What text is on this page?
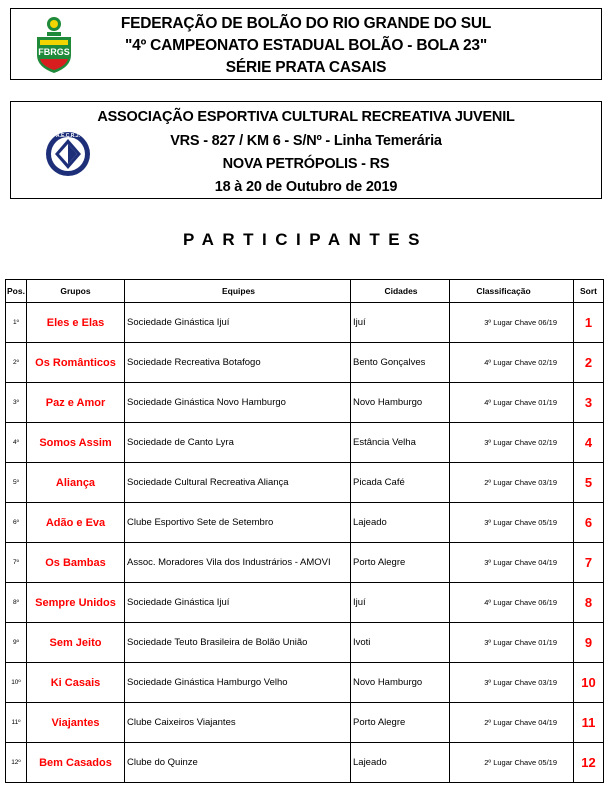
FBRGS
FEDERAÇÃO DE BOLÃO DO RIO GRANDE DO SUL
"4º CAMPEONATO ESTADUAL BOLÃO - BOLA 23"
SÉRIE PRATA CASAIS
A.E.C.R.J.
ASSOCIAÇÃO ESPORTIVA CULTURAL RECREATIVA JUVENIL
VRS - 827 / KM 6 - S/Nº - Linha Temerária
NOVA PETRÓPOLIS - RS
18 à 20 de Outubro de 2019
PARTICIPANTES
Pos.	Grupos	Equipes	Cidades	Classificação	Sort
1º	Eles e Elas	Sociedade Ginástica Ijuí	Ijuí	3º Lugar Chave 06/19	1
2º	Os Românticos	Sociedade Recreativa Botafogo	Bento Gonçalves	4º Lugar Chave 02/19	2
3º	Paz e Amor	Sociedade Ginástica Novo Hamburgo	Novo Hamburgo	4º Lugar Chave 01/19	3
4º	Somos Assim	Sociedade de Canto Lyra	Estância Velha	3º Lugar Chave 02/19	4
5º	Aliança	Sociedade Cultural Recreativa Aliança	Picada Café	2º Lugar Chave 03/19	5
6º	Adão e Eva	Clube Esportivo Sete de Setembro	Lajeado	3º Lugar Chave 05/19	6
7º	Os Bambas	Assoc. Moradores Vila dos Industrários - AMOVI	Porto Alegre	3º Lugar Chave 04/19	7
8º	Sempre Unidos	Sociedade Ginástica Ijuí	Ijuí	4º Lugar Chave 06/19	8
9º	Sem Jeito	Sociedade Teuto Brasileira de Bolão União	Ivoti	3º Lugar Chave 01/19	9
10º	Ki Casais	Sociedade Ginástica Hamburgo Velho	Novo Hamburgo	3º Lugar Chave 03/19	10
11º	Viajantes	Clube Caixeiros Viajantes	Porto Alegre	2º Lugar Chave 04/19	11
12º	Bem Casados	Clube do Quinze	Lajeado	2º Lugar Chave 05/19	12
